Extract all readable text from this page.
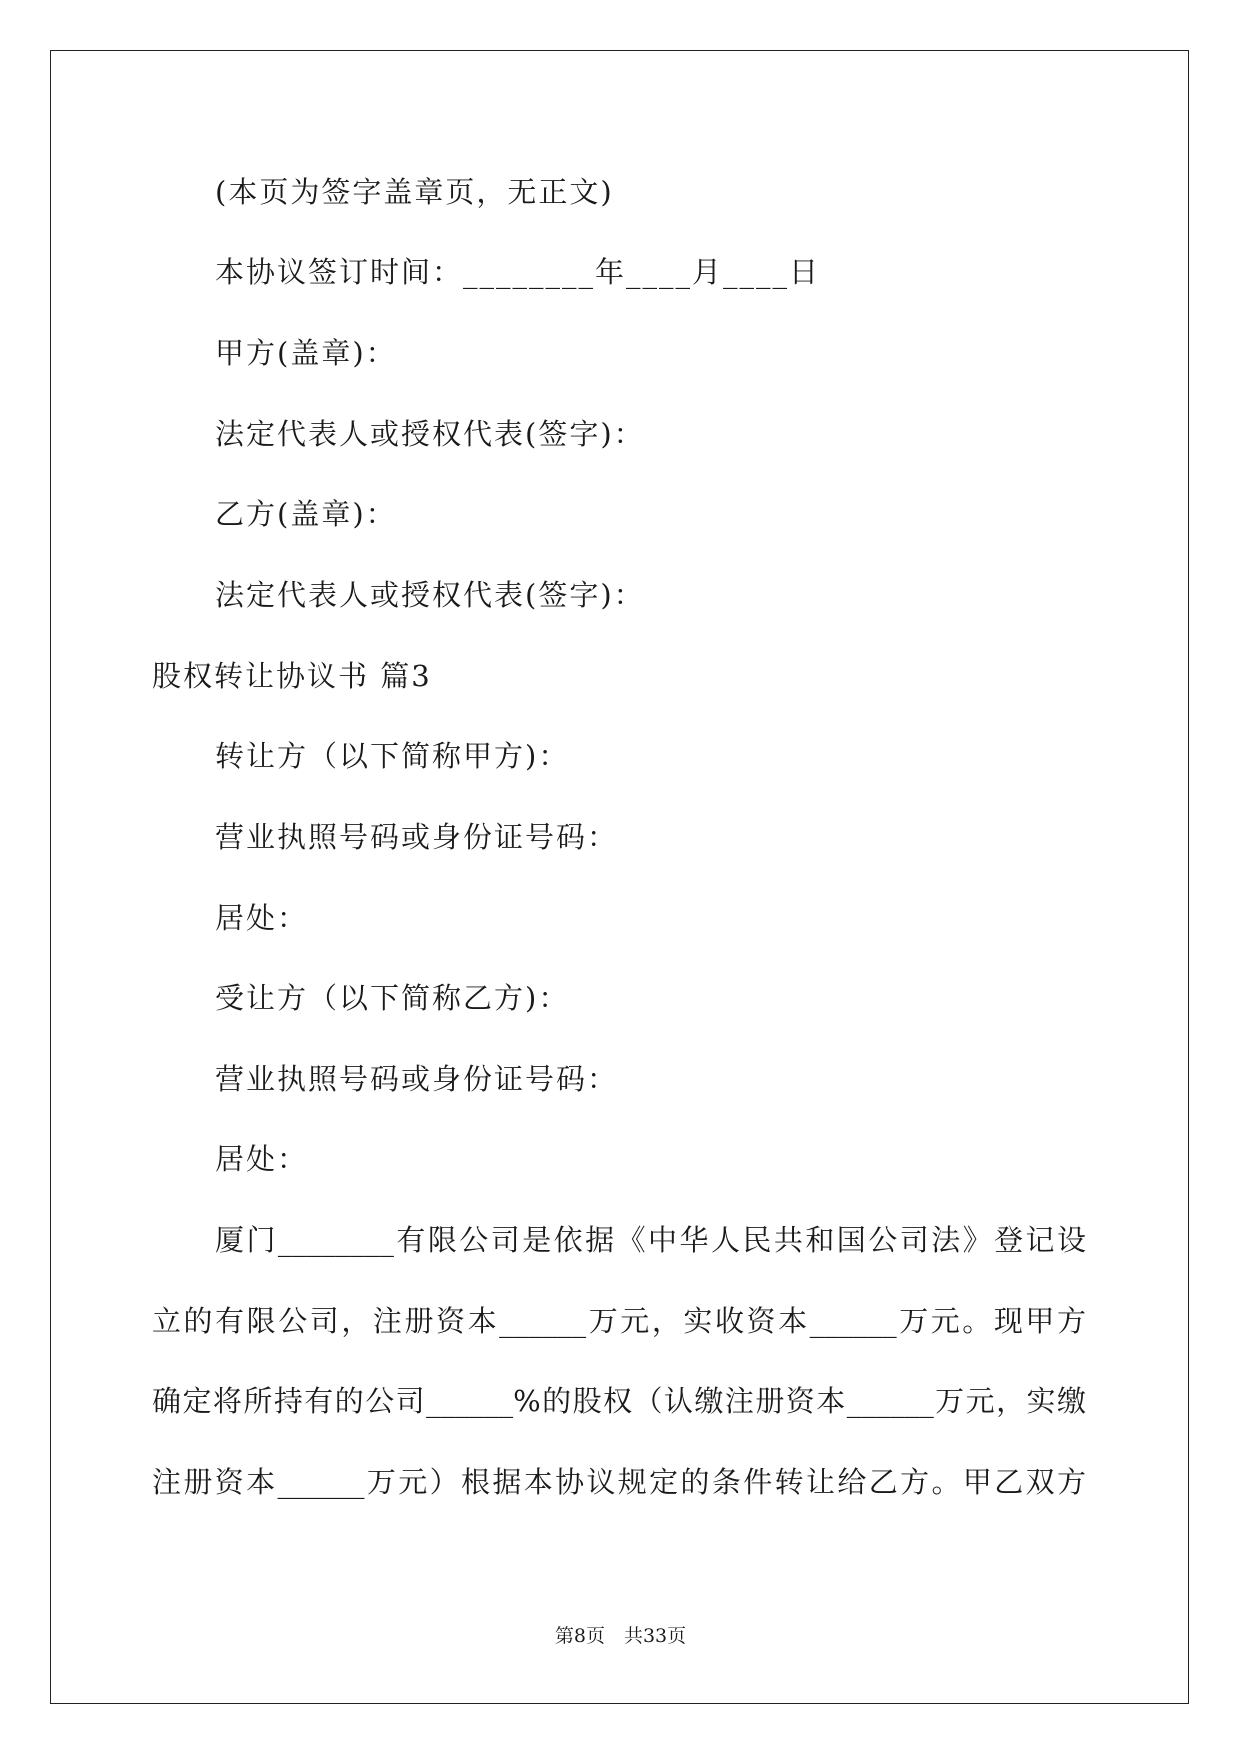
(本页为签字盖章页，无正文)
本协议签订时间：________年____月____日
甲方(盖章)：
法定代表人或授权代表(签字)：
乙方(盖章)：
法定代表人或授权代表(签字)：
股权转让协议书 篇3
转让方（以下简称甲方)：
营业执照号码或身份证号码：
居处：
受让方（以下简称乙方)：
营业执照号码或身份证号码：
居处：
厦门________有限公司是依据《中华人民共和国公司法》登记设
立的有限公司，注册资本______万元，实收资本______万元。现甲方
确定将所持有的公司______%的股权（认缴注册资本______万元，实缴
注册资本______万元）根据本协议规定的条件转让给乙方。甲乙双方
第8页　共33页
